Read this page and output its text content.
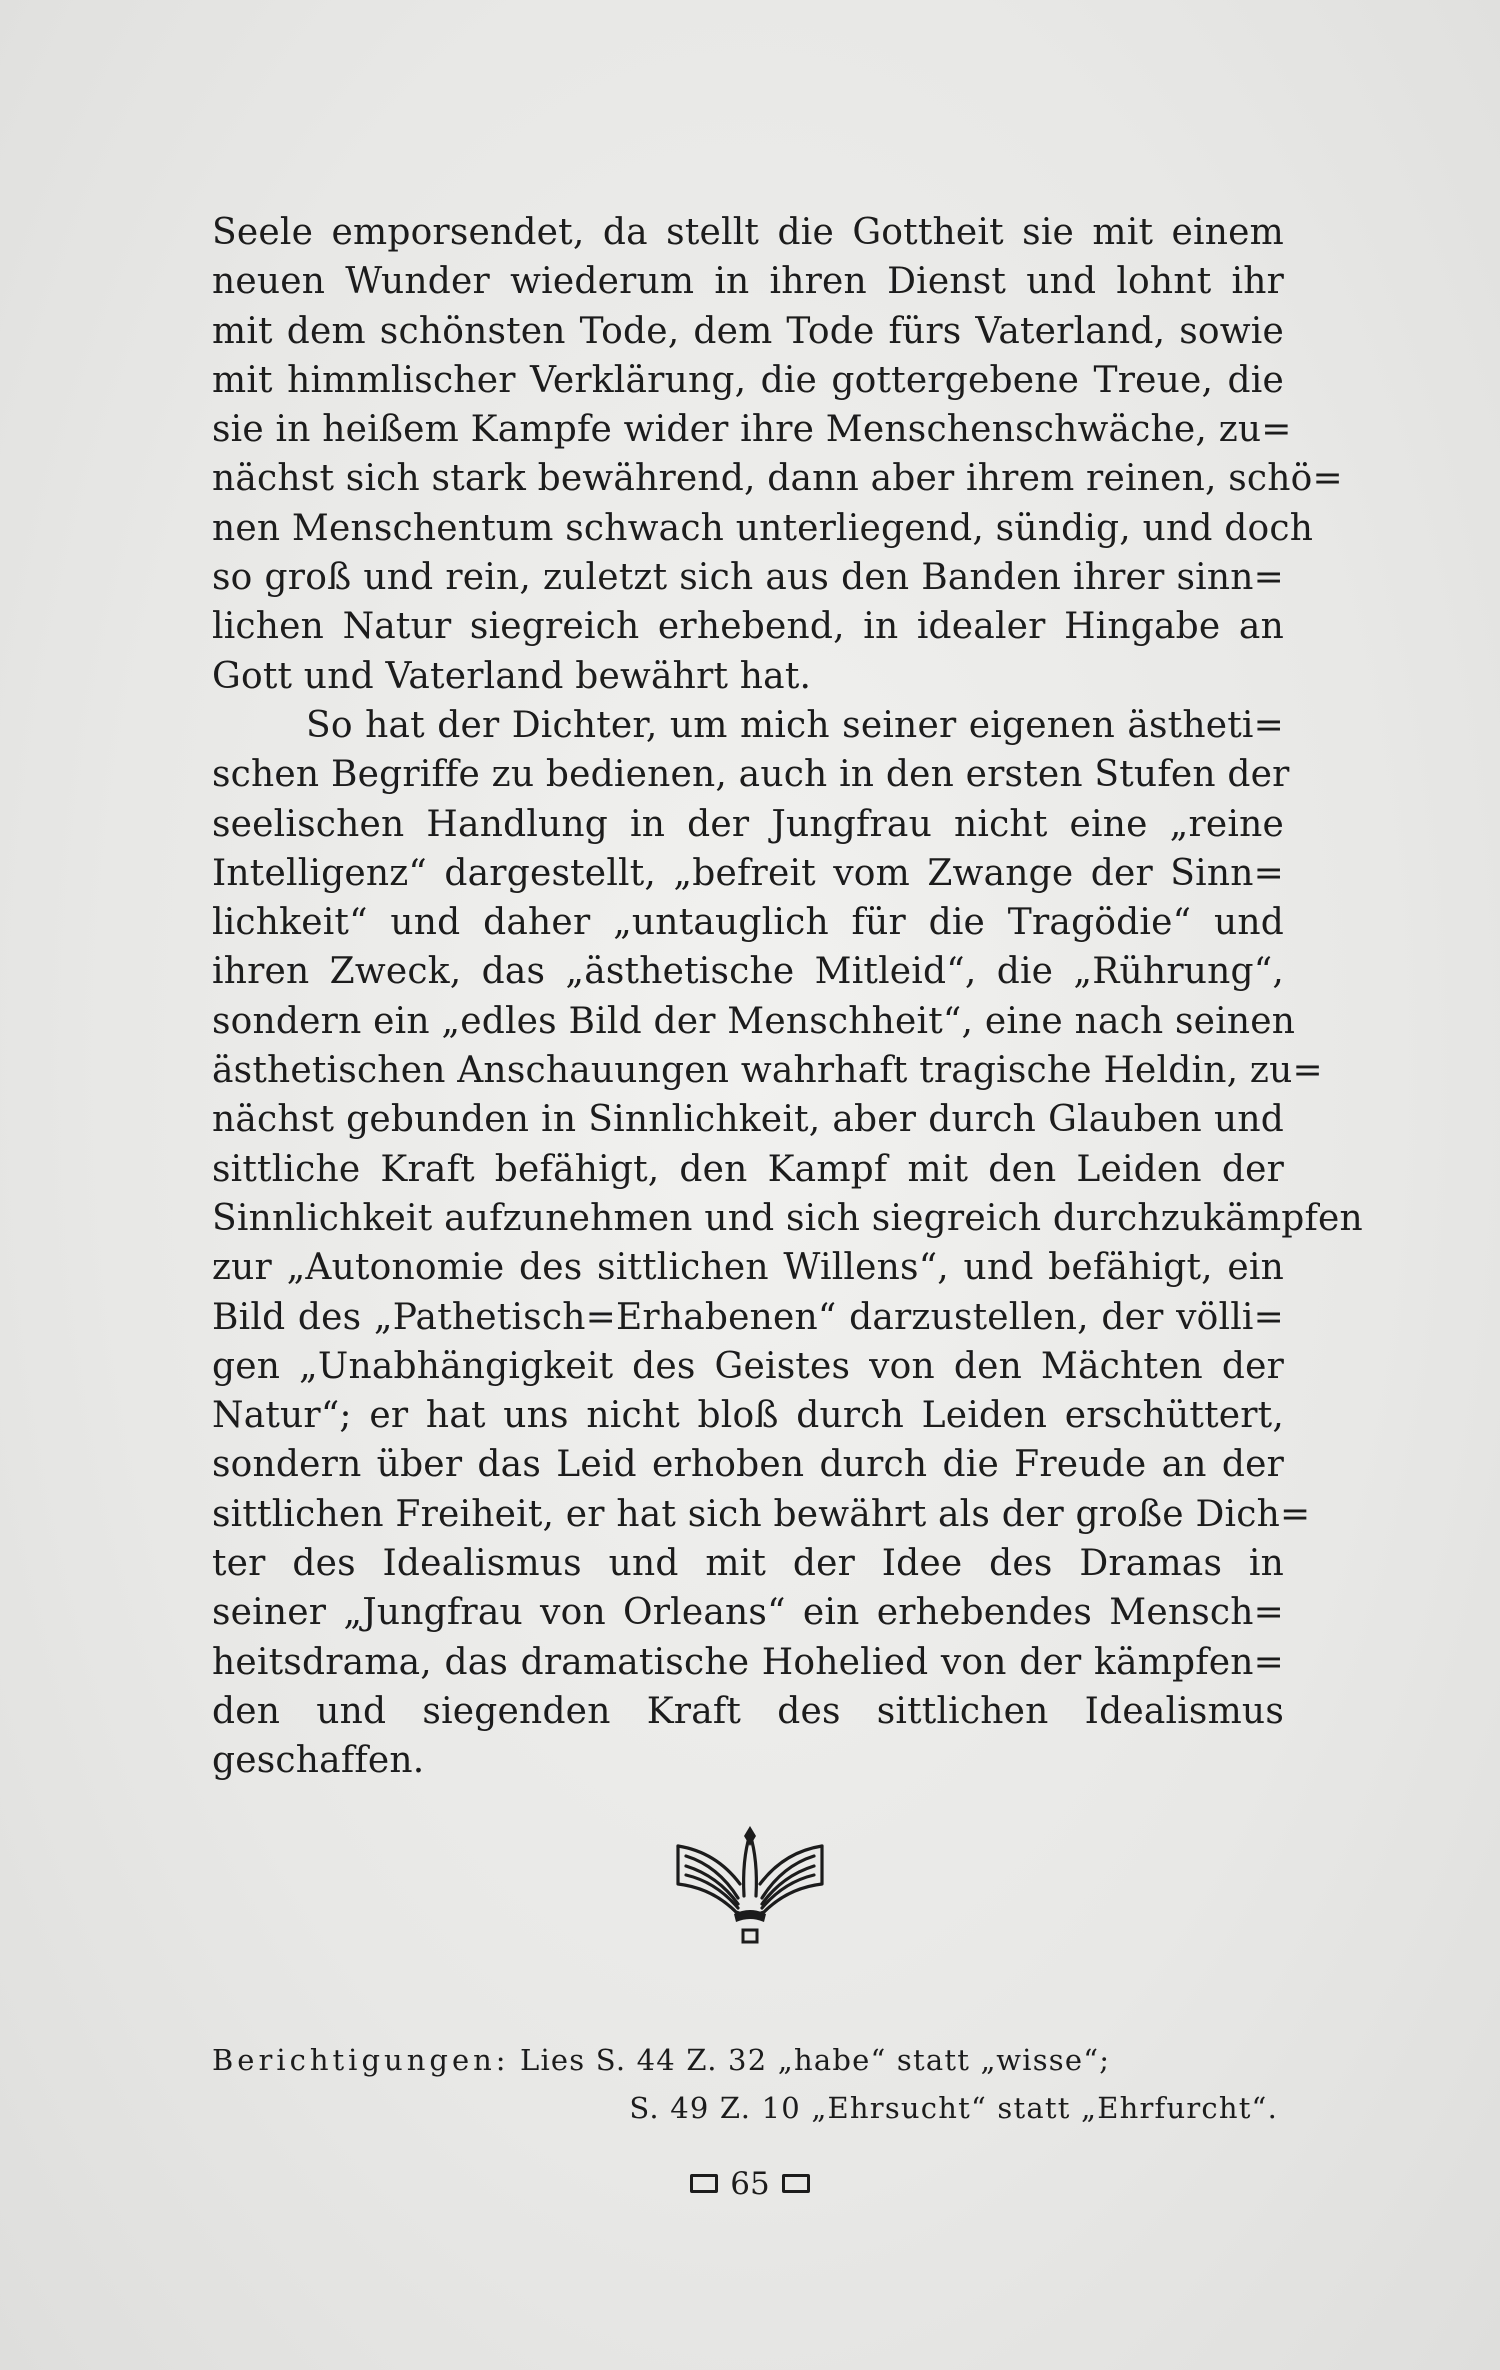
Seele emporsendet, da stellt die Gottheit sie mit einem
neuen Wunder wiederum in ihren Dienst und lohnt ihr
mit dem schönsten Tode, dem Tode fürs Vaterland, sowie
mit himmlischer Verklärung, die gottergebene Treue, die
sie in heißem Kampfe wider ihre Menschenschwäche, zu=
nächst sich stark bewährend, dann aber ihrem reinen, schö=
nen Menschentum schwach unterliegend, sündig, und doch
so groß und rein, zuletzt sich aus den Banden ihrer sinn=
lichen Natur siegreich erhebend, in idealer Hingabe an
Gott und Vaterland bewährt hat.
So hat der Dichter, um mich seiner eigenen ästheti=
schen Begriffe zu bedienen, auch in den ersten Stufen der
seelischen Handlung in der Jungfrau nicht eine „reine
Intelligenz“ dargestellt, „befreit vom Zwange der Sinn=
lichkeit“ und daher „untauglich für die Tragödie“ und
ihren Zweck, das „ästhetische Mitleid“, die „Rührung“,
sondern ein „edles Bild der Menschheit“, eine nach seinen
ästhetischen Anschauungen wahrhaft tragische Heldin, zu=
nächst gebunden in Sinnlichkeit, aber durch Glauben und
sittliche Kraft befähigt, den Kampf mit den Leiden der
Sinnlichkeit aufzunehmen und sich siegreich durchzukämpfen
zur „Autonomie des sittlichen Willens“, und befähigt, ein
Bild des „Pathetisch=Erhabenen“ darzustellen, der völli=
gen „Unabhängigkeit des Geistes von den Mächten der
Natur“; er hat uns nicht bloß durch Leiden erschüttert,
sondern über das Leid erhoben durch die Freude an der
sittlichen Freiheit, er hat sich bewährt als der große Dich=
ter des Idealismus und mit der Idee des Dramas in
seiner „Jungfrau von Orleans“ ein erhebendes Mensch=
heitsdrama, das dramatische Hohelied von der kämpfen=
den und siegenden Kraft des sittlichen Idealismus
geschaffen.
Berichtigungen: Lies S. 44 Z. 32 „habe“ statt „wisse“;
S. 49 Z. 10 „Ehrsucht“ statt „Ehrfurcht“.
65
